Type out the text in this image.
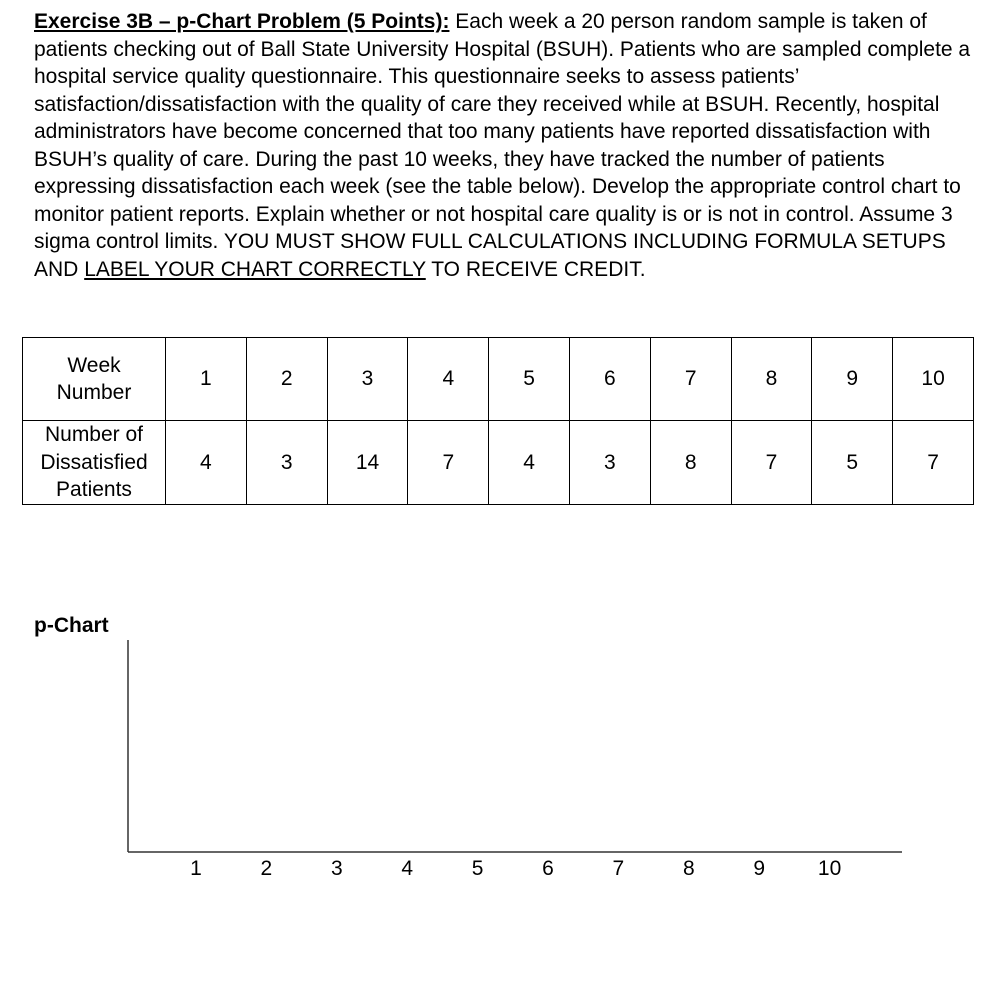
Exercise 3B – p-Chart Problem (5 Points): Each week a 20 person random sample is taken of patients checking out of Ball State University Hospital (BSUH). Patients who are sampled complete a hospital service quality questionnaire. This questionnaire seeks to assess patients’ satisfaction/dissatisfaction with the quality of care they received while at BSUH. Recently, hospital administrators have become concerned that too many patients have reported dissatisfaction with BSUH’s quality of care. During the past 10 weeks, they have tracked the number of patients expressing dissatisfaction each week (see the table below). Develop the appropriate control chart to monitor patient reports. Explain whether or not hospital care quality is or is not in control. Assume 3 sigma control limits. YOU MUST SHOW FULL CALCULATIONS INCLUDING FORMULA SETUPS AND LABEL YOUR CHART CORRECTLY TO RECEIVE CREDIT.

Week
Number	1	2	3	4	5	6	7	8	9	10

Number of
Dissatisfied
Patients	4	3	14	7	4	3	8	7	5	7
p-Chart
1	2	3	4	5	6	7	8	9	10
